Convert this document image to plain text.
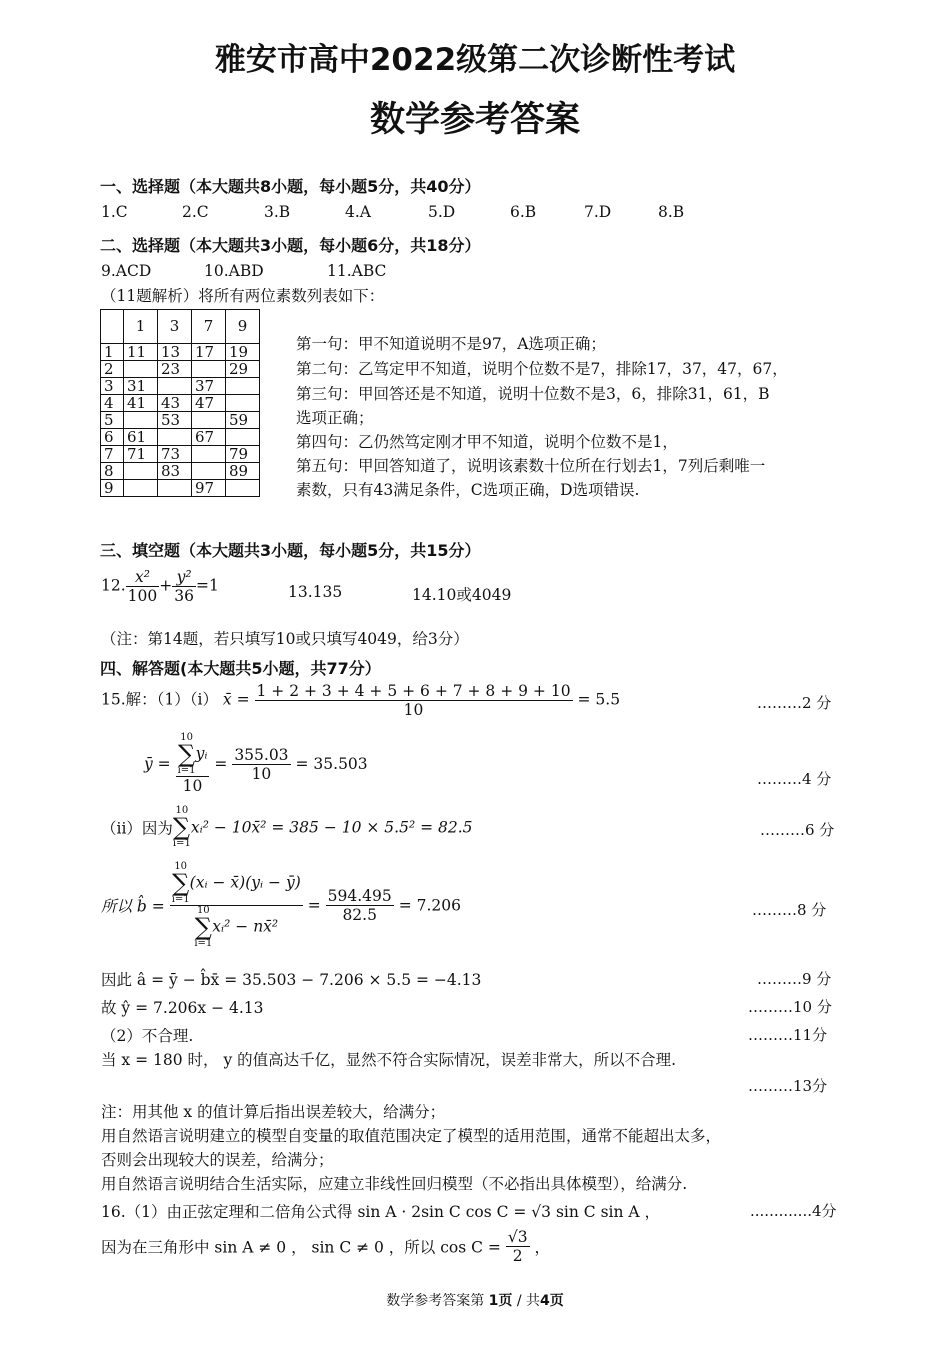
雅安市高中2022级第二次诊断性考试
数学参考答案
一、选择题（本大题共8小题，每小题5分，共40分）
1.C	2.C	3.B	4.A	5.D	6.B	7.D	8.B
二、选择题（本大题共3小题，每小题6分，共18分）
9.ACD	10.ABD	11.ABC
（11题解析）将所有两位素数列表如下：
	1	3	7	9
1	11	13	17	19
2		23		29
3	31		37	
4	41	43	47	
5		53		59
6	61		67	
7	71	73		79
8		83		89
9			97	
第一句：甲不知道说明不是97，A选项正确；
第二句：乙笃定甲不知道，说明个位数不是7，排除17，37，47，67，
第三句：甲回答还是不知道，说明十位数不是3，6，排除31，61，B
选项正确；
第四句：乙仍然笃定刚才甲不知道，说明个位数不是1，
第五句：甲回答知道了，说明该素数十位所在行划去1，7列后剩唯一
素数，只有43满足条件，C选项正确，D选项错误.
三、填空题（本大题共3小题，每小题5分，共15分）
12. $\frac{\text{x²}}{100} + \frac{\text{y²}}{36} =1$	13.135	14.10或4049
（注：第14题，若只填写10或只填写4049，给3分）
四、解答题(本大题共5小题，共77分）
15.解：（1）（i） x̄ = $\frac{1 + 2 + 3 + 4 + 5 + 6 + 7 + 8 + 9 + 10}{10} = 5.5$	………2 分
ȳ = 10
∑
i=1
yᵢ
$10 = \frac{355.03}{10} = 35.503$
………4 分
（ii）因为
10
∑
i=1
xᵢ² − 10x̄² = 385 − 10 × 5.5² = 82.5	………6 分
所以 b̂ = 10
∑
i=1
(xᵢ − x̄)(yᵢ − ȳ)
10
∑
i=1
xᵢ² − nx̄² = $\frac{594.495}{82.5} = 7.206$	………8 分
因此 â = ȳ − b̂x̄ = 35.503 − 7.206 × 5.5 = −4.13	………9 分
故 ŷ = 7.206x − 4.13	………10 分
（2）不合理.	………11分
当 x = 180 时， y 的值高达千亿，显然不符合实际情况，误差非常大，所以不合理.
………13分
注：用其他 x 的值计算后指出误差较大，给满分；
用自然语言说明建立的模型自变量的取值范围决定了模型的适用范围，通常不能超出太多，
否则会出现较大的误差，给满分；
用自然语言说明结合生活实际，应建立非线性回归模型（不必指出具体模型），给满分.
16.（1）由正弦定理和二倍角公式得 sin A · 2sin C cos C = √3 sin C sin A ，	.............4分
因为在三角形中 sin A ≠ 0 ， sin C ≠ 0 ，所以 $\cos C = \frac{√3}{2}$ ，
数学参考答案第 1页 / 共4页
